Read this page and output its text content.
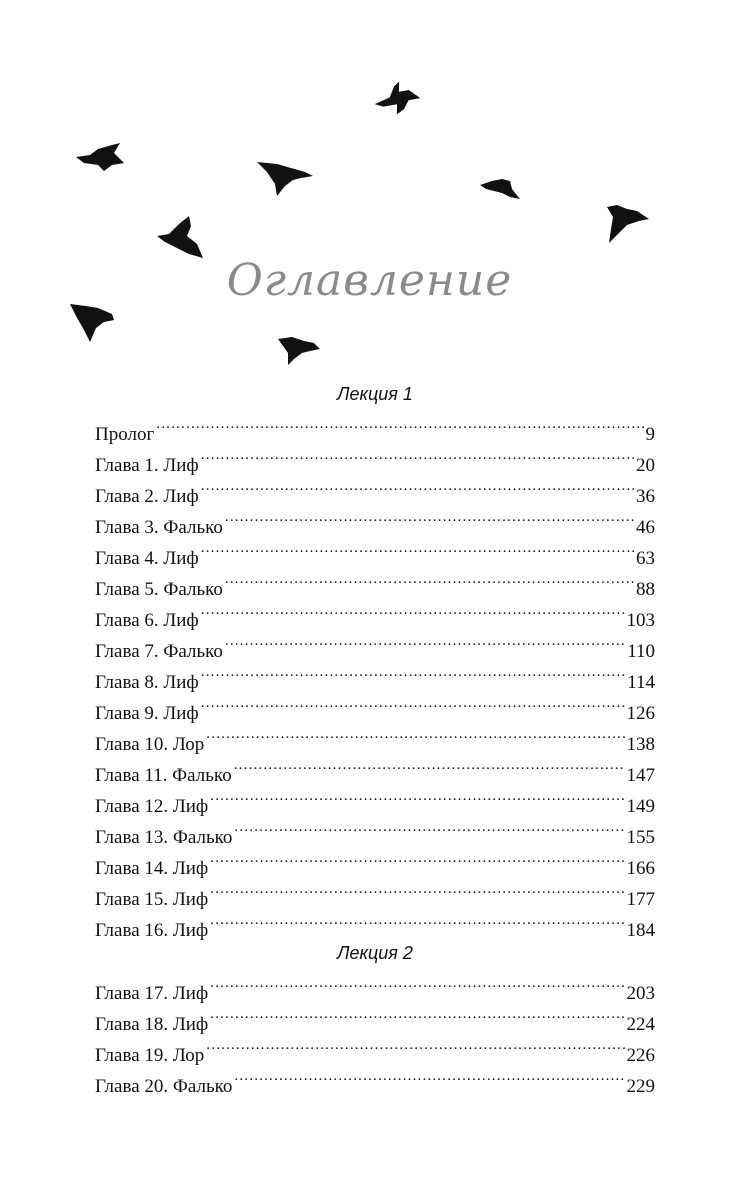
Оглавление
Лекция 1
Пролог .....	9
Глава 1. Лиф .....	20
Глава 2. Лиф .....	36
Глава 3. Фалько .....	46
Глава 4. Лиф .....	63
Глава 5. Фалько .....	88
Глава 6. Лиф .....	103
Глава 7. Фалько .....	110
Глава 8. Лиф .....	114
Глава 9. Лиф .....	126
Глава 10. Лор .....	138
Глава 11. Фалько .....	147
Глава 12. Лиф .....	149
Глава 13. Фалько .....	155
Глава 14. Лиф .....	166
Глава 15. Лиф .....	177
Глава 16. Лиф .....	184
Лекция 2
Глава 17. Лиф .....	203
Глава 18. Лиф .....	224
Глава 19. Лор .....	226
Глава 20. Фалько .....	229
